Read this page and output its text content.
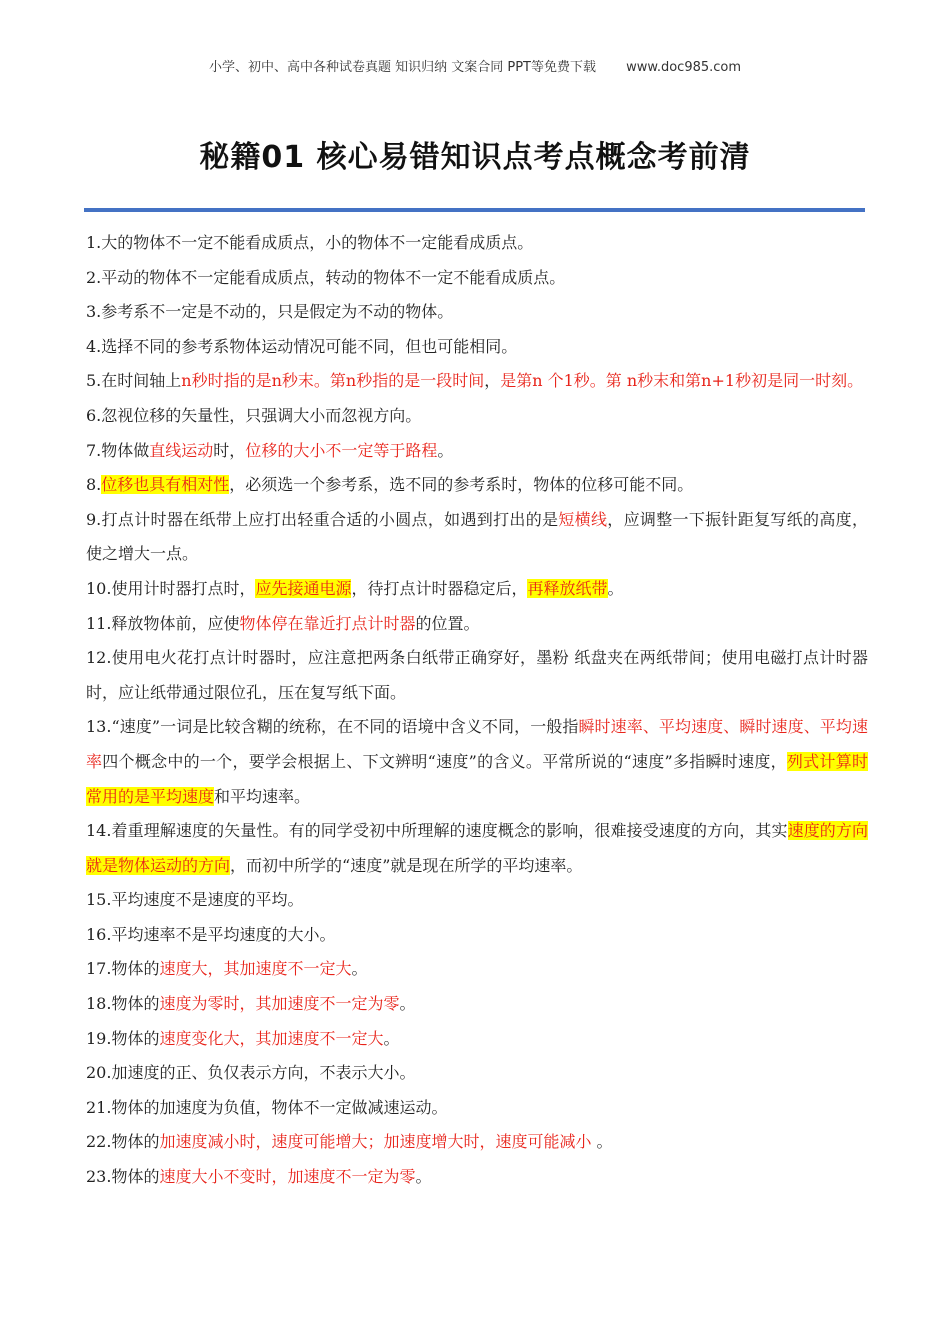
小学、初中、高中各种试卷真题 知识归纳 文案合同 PPT等免费下载 www.doc985.com
秘籍01 核心易错知识点考点概念考前清

1.大的物体不一定不能看成质点，小的物体不一定能看成质点。

2.平动的物体不一定能看成质点，转动的物体不一定不能看成质点。

3.参考系不一定是不动的，只是假定为不动的物体。

4.选择不同的参考系物体运动情况可能不同，但也可能相同。

5.在时间轴上n秒时指的是n秒末。第n秒指的是一段时间，是第n 个1秒。第 n秒末和第n+1秒初是同一时刻。

6.忽视位移的矢量性，只强调大小而忽视方向。

7.物体做直线运动时，位移的大小不一定等于路程。

8.位移也具有相对性，必须选一个参考系，选不同的参考系时，物体的位移可能不同。

9.打点计时器在纸带上应打出轻重合适的小圆点，如遇到打出的是短横线，应调整一下振针距复写纸的高度，使之增大一点。

10.使用计时器打点时，应先接通电源，待打点计时器稳定后，再释放纸带。

11.释放物体前，应使物体停在靠近打点计时器的位置。

12.使用电火花打点计时器时，应注意把两条白纸带正确穿好，墨粉 纸盘夹在两纸带间；使用电磁打点计时器时，应让纸带通过限位孔，压在复写纸下面。

13.“速度”一词是比较含糊的统称，在不同的语境中含义不同，一般指瞬时速率、平均速度、瞬时速度、平均速率四个概念中的一个，要学会根据上、下文辨明“速度”的含义。平常所说的“速度”多指瞬时速度，列式计算时常用的是平均速度和平均速率。

14.着重理解速度的矢量性。有的同学受初中所理解的速度概念的影响，很难接受速度的方向，其实速度的方向就是物体运动的方向，而初中所学的“速度”就是现在所学的平均速率。

15.平均速度不是速度的平均。

16.平均速率不是平均速度的大小。

17.物体的速度大，其加速度不一定大。

18.物体的速度为零时，其加速度不一定为零。

19.物体的速度变化大，其加速度不一定大。

20.加速度的正、负仅表示方向，不表示大小。

21.物体的加速度为负值，物体不一定做减速运动。

22.物体的加速度减小时，速度可能增大；加速度增大时，速度可能减小 。

23.物体的速度大小不变时，加速度不一定为零。
